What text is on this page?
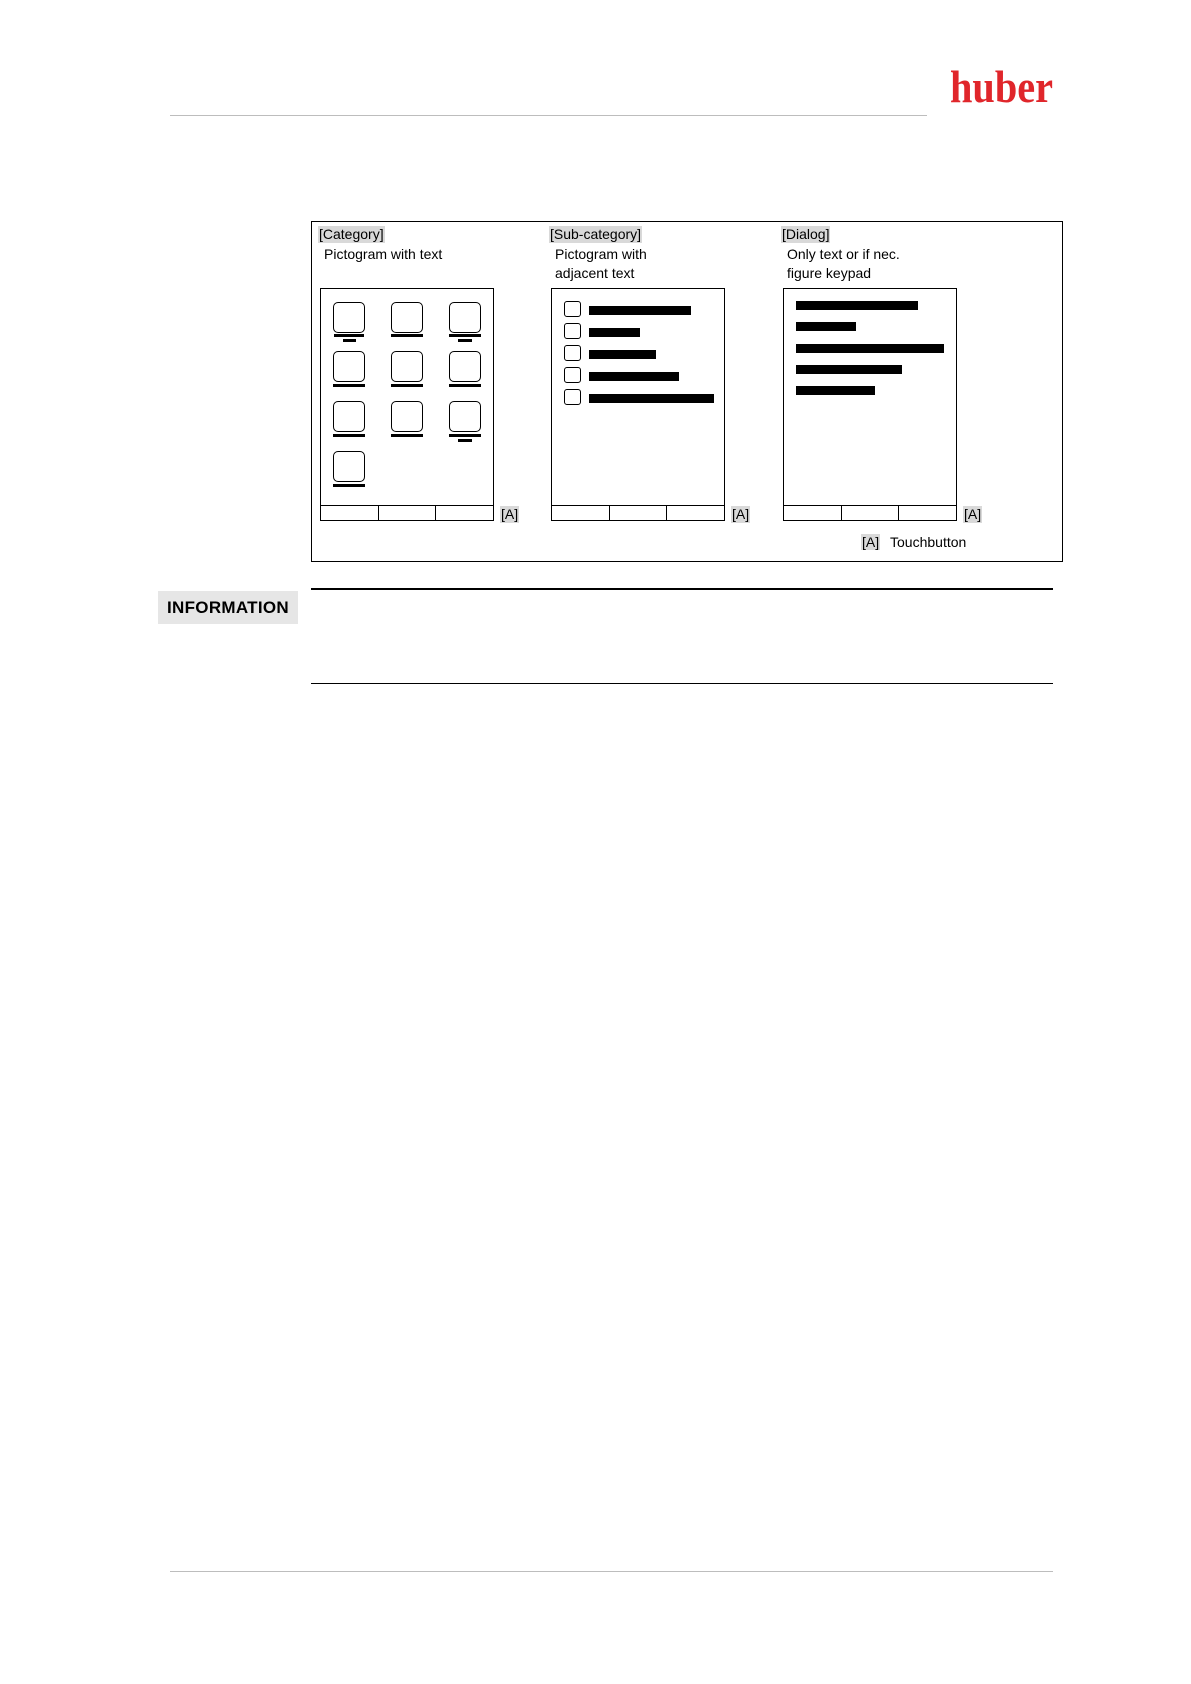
huber
[Category]
Pictogram with text
[A]
[Sub-category]
Pictogram with
adjacent text
[A]
[Dialog]
Only text or if nec.
figure keypad
[A]
[A] Touchbutton
INFORMATION
